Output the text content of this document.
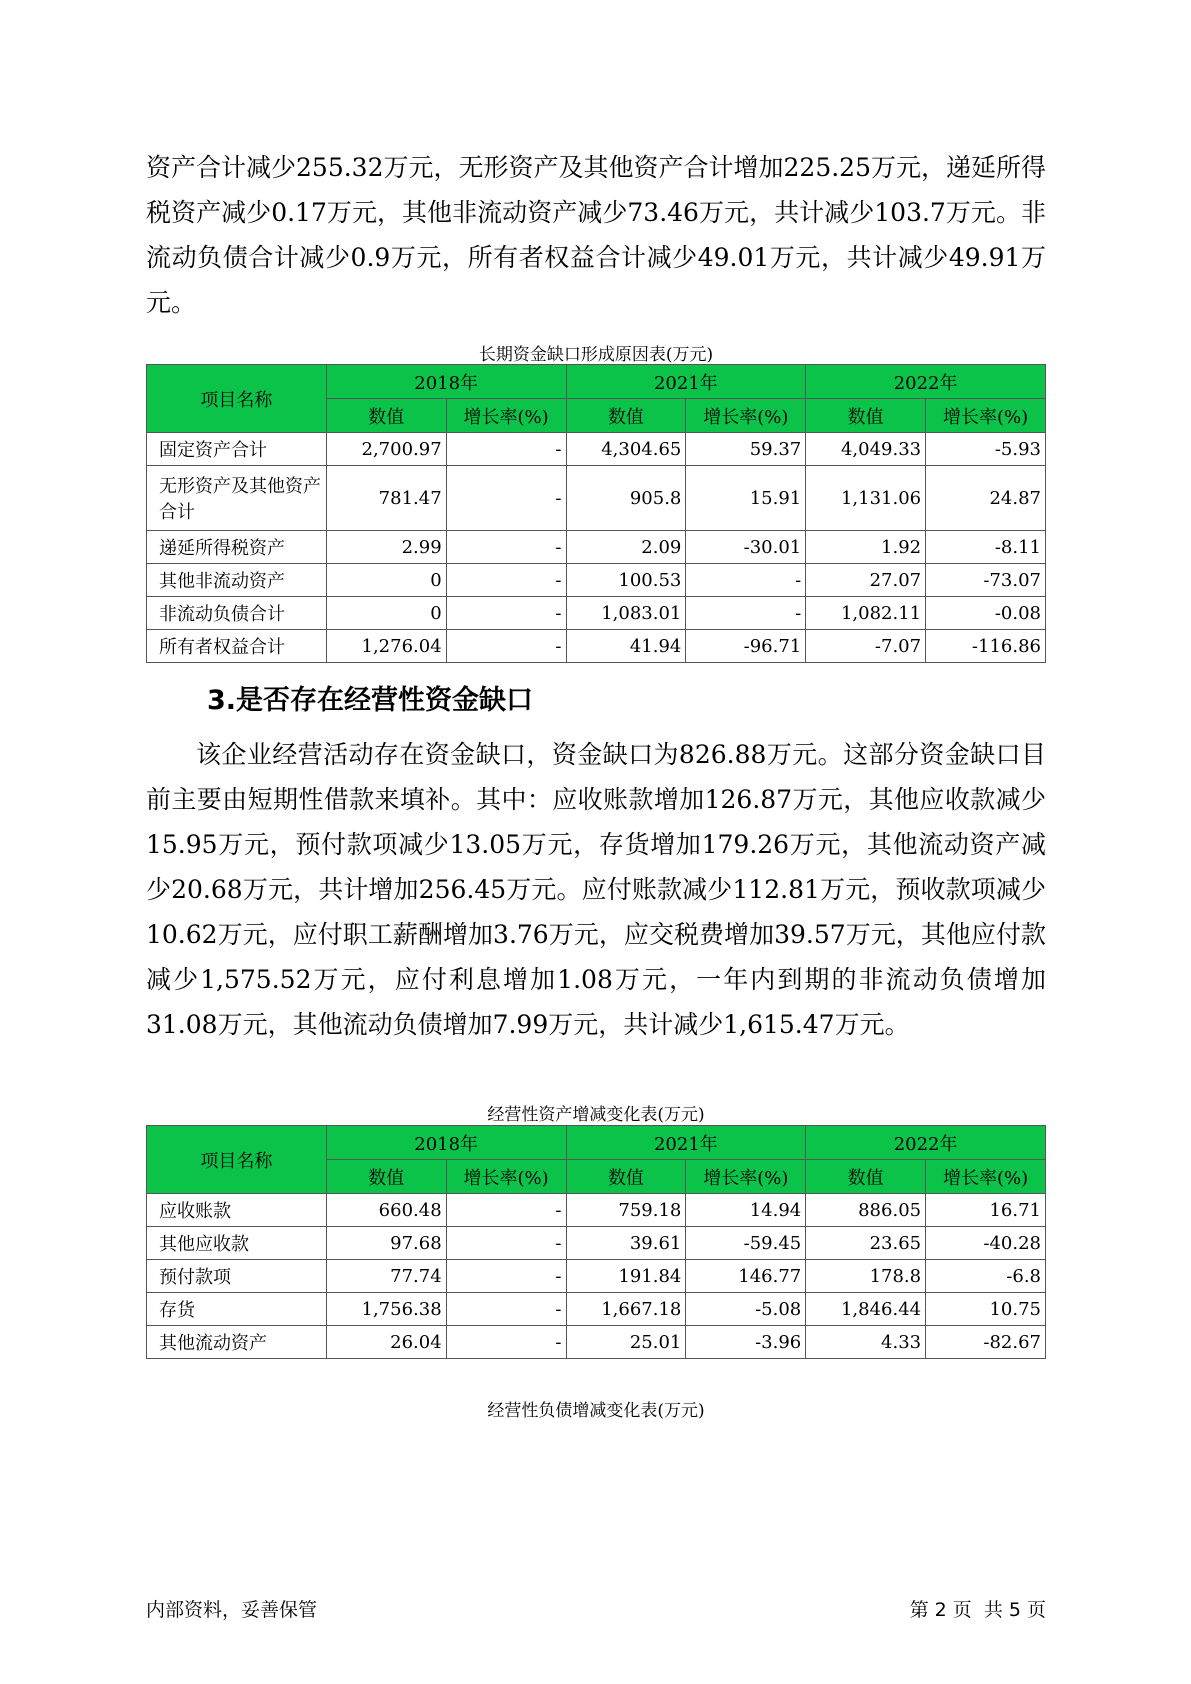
资产合计减少255.32万元，无形资产及其他资产合计增加225.25万元，递延所得税资产减少0.17万元，其他非流动资产减少73.46万元，共计减少103.7万元。非流动负债合计减少0.9万元，所有者权益合计减少49.01万元，共计减少49.91万元。

长期资金缺口形成原因表(万元)
项目名称	2018年		2021年		2022年	
	数值	增长率(%)	数值	增长率(%)	数值	增长率(%)
固定资产合计	2,700.97	-	4,304.65	59.37	4,049.33	-5.93
无形资产及其他资产合计	781.47	-	905.8	15.91	1,131.06	24.87
递延所得税资产	2.99	-	2.09	-30.01	1.92	-8.11
其他非流动资产	0	-	100.53	-	27.07	-73.07
非流动负债合计	0	-	1,083.01	-	1,082.11	-0.08
所有者权益合计	1,276.04	-	41.94	-96.71	-7.07	-116.86
3.是否存在经营性资金缺口

该企业经营活动存在资金缺口，资金缺口为826.88万元。这部分资金缺口目前主要由短期性借款来填补。其中：应收账款增加126.87万元，其他应收款减少15.95万元，预付款项减少13.05万元，存货增加179.26万元，其他流动资产减少20.68万元，共计增加256.45万元。应付账款减少112.81万元，预收款项减少10.62万元，应付职工薪酬增加3.76万元，应交税费增加39.57万元，其他应付款减少1,575.52万元，应付利息增加1.08万元，一年内到期的非流动负债增加31.08万元，其他流动负债增加7.99万元，共计减少1,615.47万元。

经营性资产增减变化表(万元)
项目名称	2018年		2021年		2022年	
	数值	增长率(%)	数值	增长率(%)	数值	增长率(%)
应收账款	660.48	-	759.18	14.94	886.05	16.71
其他应收款	97.68	-	39.61	-59.45	23.65	-40.28
预付款项	77.74	-	191.84	146.77	178.8	-6.8
存货	1,756.38	-	1,667.18	-5.08	1,846.44	10.75
其他流动资产	26.04	-	25.01	-3.96	4.33	-82.67
经营性负债增减变化表(万元)
内部资料，妥善保管	第 2 页  共 5 页
